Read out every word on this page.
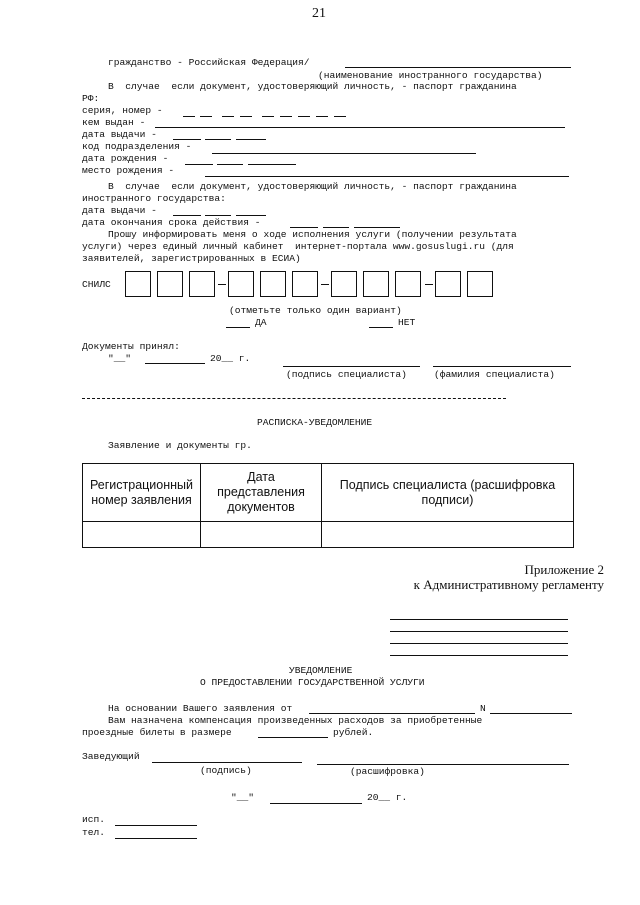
21
гражданство - Российская Федерация/
(наименование иностранного государства)
В  случае  если документ, удостоверяющий личность, - паспорт гражданина
РФ:
серия, номер -
кем выдан -
дата выдачи -
код подразделения -
дата рождения -
место рождения -
В  случае  если документ, удостоверяющий личность, - паспорт гражданина
иностранного государства:
дата выдачи -
дата окончания срока действия -
Прошу информировать меня о ходе исполнения услуги (получении результата
услуги) через единый личный кабинет  интернет-портала www.gosuslugi.ru (для
заявителей, зарегистрированных в ЕСИА)
СНИЛС
(отметьте только один вариант)
ДА	НЕТ
Документы принял:
"__"	20__ г.
(подпись специалиста)	(фамилия специалиста)
РАСПИСКА-УВЕДОМЛЕНИЕ
Заявление и документы гр.
Регистрационный номер заявления	Дата представления документов	Подпись специалиста (расшифровка подписи)

Приложение 2
к Административному регламенту
УВЕДОМЛЕНИЕ
О ПРЕДОСТАВЛЕНИИ ГОСУДАРСТВЕННОЙ УСЛУГИ
На основании Вашего заявления от	N
Вам назначена компенсация произведенных расходов за приобретенные
проездные билеты в размере	рублей.
Заведующий
(подпись)	(расшифровка)
"__"	20__ г.
исп.
тел.
